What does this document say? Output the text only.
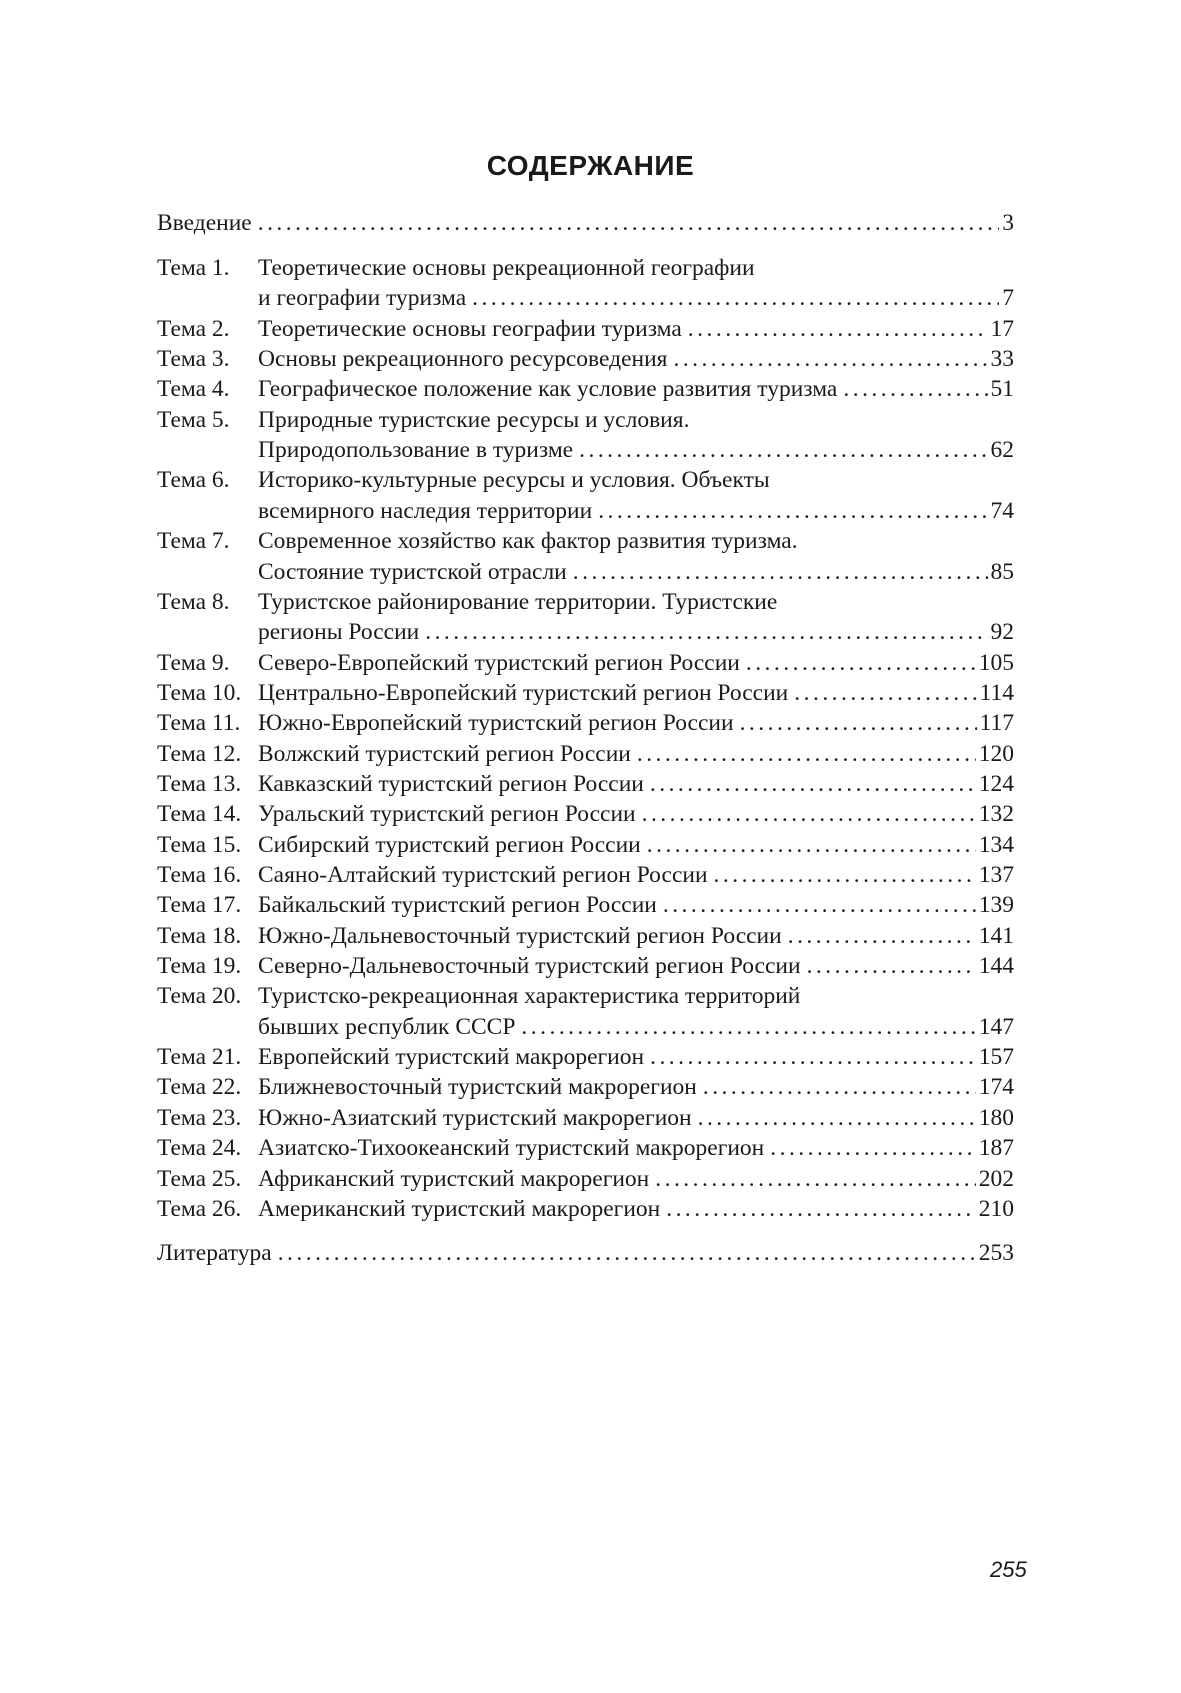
СОДЕРЖАНИЕ
Введение . . .	3
Тема 1. Теоретические основы рекреационной географии
и географии туризма . . .	7
Тема 2. Теоретические основы географии туризма . . .	17
Тема 3. Основы рекреационного ресурсоведения . . .	33
Тема 4. Географическое положение как условие развития туризма . . .	51
Тема 5. Природные туристские ресурсы и условия.
Природопользование в туризме . . .	62
Тема 6. Историко-культурные ресурсы и условия. Объекты
всемирного наследия территории . . .	74
Тема 7. Современное хозяйство как фактор развития туризма.
Состояние туристской отрасли . . .	85
Тема 8. Туристское районирование территории. Туристские
регионы России . . .	92
Тема 9. Северо-Европейский туристский регион России . . .	105
Тема 10. Центрально-Европейский туристский регион России . . .	114
Тема 11. Южно-Европейский туристский регион России . . .	117
Тема 12. Волжский туристский регион России . . .	120
Тема 13. Кавказский туристский регион России . . .	124
Тема 14. Уральский туристский регион России . . .	132
Тема 15. Сибирский туристский регион России . . .	134
Тема 16. Саяно-Алтайский туристский регион России . . .	137
Тема 17. Байкальский туристский регион России . . .	139
Тема 18. Южно-Дальневосточный туристский регион России . . .	141
Тема 19. Северно-Дальневосточный туристский регион России . . .	144
Тема 20. Туристско-рекреационная характеристика территорий
бывших республик СССР . . .	147
Тема 21. Европейский туристский макрорегион . . .	157
Тема 22. Ближневосточный туристский макрорегион . . .	174
Тема 23. Южно-Азиатский туристский макрорегион . . .	180
Тема 24. Азиатско-Тихоокеанский туристский макрорегион . . .	187
Тема 25. Африканский туристский макрорегион . . .	202
Тема 26. Американский туристский макрорегион . . .	210
Литература . . .	253
255
